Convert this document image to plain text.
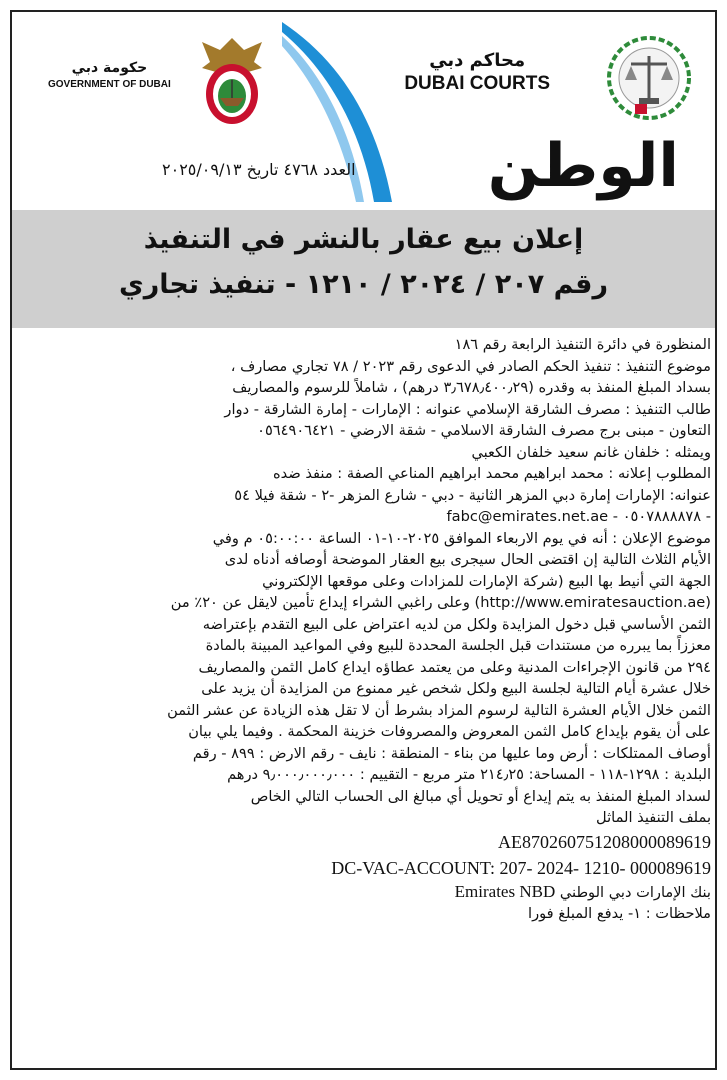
حكومة دبي
GOVERNMENT OF DUBAI
محاكم دبي
DUBAI COURTS
الوطن
العدد ٤٧٦٨ تاريخ ٢٠٢٥/٠٩/١٣
إعلان بيع عقار بالنشر في التنفيذ
رقم ٢٠٧ / ٢٠٢٤ / ١٢١٠ - تنفيذ تجاري

المنظورة في دائرة التنفيذ الرابعة رقم ١٨٦

موضوع التنفيذ : تنفيذ الحكم الصادر في الدعوى رقم ٢٠٢٣ / ٧٨ تجاري مصارف ،

بسداد المبلغ المنفذ به وقدره (٣٫٦٧٨٫٤٠٠٫٢٩ درهم) ، شاملاً للرسوم والمصاريف

طالب التنفيذ : مصرف الشارقة الإسلامي عنوانه : الإمارات - إمارة الشارقة - دوار

التعاون - مبنى برج مصرف الشارقة الاسلامي - شقة الارضي - ٠٥٦٤٩٠٦٤٢١

ويمثله : خلفان غانم سعيد خلفان الكعبي

المطلوب إعلانه : محمد ابراهيم محمد ابراهيم المناعي الصفة : منفذ ضده

عنوانه: الإمارات إمارة دبي المزهر الثانية - دبي - شارع المزهر -٢ - شقة فيلا ٥٤

- ٠٥٠٧٨٨٨٨٧٨ - fabc@emirates.net.ae

موضوع الإعلان : أنه في يوم الاربعاء الموافق ٢٠٢٥-١٠-٠١ الساعة ٠٥:٠٠:٠٠ م وفي

الأيام الثلاث التالية إن اقتضى الحال سيجرى بيع العقار الموضحة أوصافه أدناه لدى

الجهة التي أنيط بها البيع (شركة الإمارات للمزادات وعلى موقعها الإلكتروني

(http://www.emiratesauction.ae) وعلى راغبي الشراء إيداع تأمين لايقل عن ٢٠٪ من

الثمن الأساسي قبل دخول المزايدة ولكل من لديه اعتراض على البيع التقدم بإعتراضه

معززاً بما يبرره من مستندات قبل الجلسة المحددة للبيع وفي المواعيد المبينة بالمادة

٢٩٤ من قانون الإجراءات المدنية وعلى من يعتمد عطاؤه ايداع كامل الثمن والمصاريف

خلال عشرة أيام التالية لجلسة البيع ولكل شخص غير ممنوع من المزايدة أن يزيد على

الثمن خلال الأيام العشرة التالية لرسوم المزاد بشرط أن لا تقل هذه الزيادة عن عشر الثمن

على أن يقوم بإيداع كامل الثمن المعروض والمصروفات خزينة المحكمة . وفيما يلي بيان

أوصاف الممتلكات : أرض وما عليها من بناء - المنطقة : نايف - رقم الارض : ٨٩٩ - رقم

البلدية : ١٢٩٨-١١٨ - المساحة: ٢١٤٫٢٥ متر مربع - التقييم : ٩٫٠٠٠٫٠٠٠٫٠٠٠ درهم

لسداد المبلغ المنفذ به يتم إيداع أو تحويل أي مبالغ الى الحساب التالي الخاص

بملف التنفيذ الماثل

AE870260751208000089619

DC-VAC-ACCOUNT: 207- 2024- 1210- 000089619

بنك الإمارات دبي الوطني Emirates NBD

ملاحظات : ١- يدفع المبلغ فورا
